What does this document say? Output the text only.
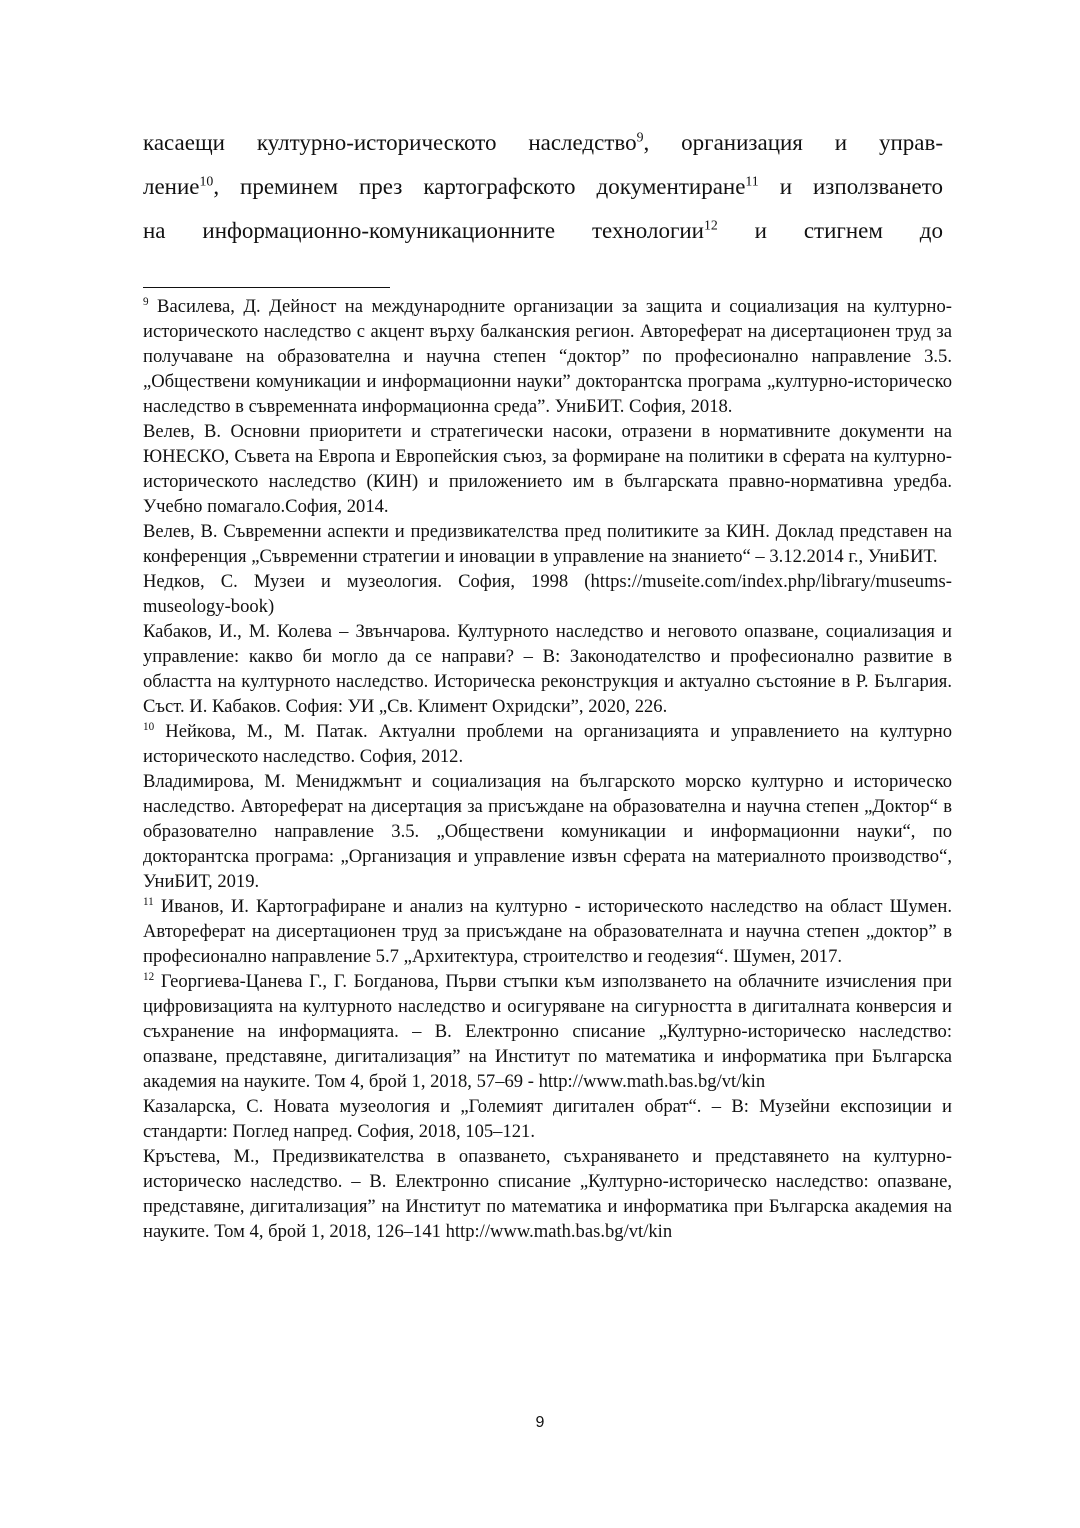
касаещи културно-историческото наследство$^9$, организация и управ-
ление$^{10}$, преминем през картографското документиране$^{11}$ и използването
на информационно-комуникационните технологии$^{12}$ и стигнем до

$^9$ Василева, Д. Дейност на международните организации за защита и социализация на културно-историческото наследство с акцент върху балканския регион. Автореферат на дисертационен труд за получаване на образователна и научна степен “доктор” по професионално направление 3.5. „Обществени комуникации и информационни науки” докторантска програма „културно-историческо наследство в съвременната информационна среда”. УниБИТ. София, 2018.

Велев, В. Основни приоритети и стратегически насоки, отразени в нормативните документи на ЮНЕСКО, Съвета на Европа и Европейския съюз, за формиране на политики в сферата на културно-историческото наследство (КИН) и приложението им в българската правно-нормативна уредба. Учебно помагало.София, 2014.

Велев, В. Съвременни аспекти и предизвикателства пред политиките за КИН. Доклад представен на конференция „Съвременни стратегии и иновации в управление на знанието“ – 3.12.2014 г., УниБИТ.

Недков, С. Музеи и музеология. София, 1998 (https://museite.com/index.php/library/museums-museology-book)

Кабаков, И., М. Колева – Звънчарова. Културното наследство и неговото опазване, социализация и управление: какво би могло да се направи? – В: Законодателство и професионално развитие в областта на културното наследство. Историческа реконструкция и актуално състояние в Р. България. Съст. И. Кабаков. София: УИ „Св. Климент Охридски”, 2020, 226.

$^{10}$ Нейкова, М., М. Патак. Актуални проблеми на организацията и управлението на културно историческото наследство. София, 2012.

Владимирова, М. Мениджмънт и социализация на българското морско културно и историческо наследство. Автореферат на дисертация за присъждане на образователна и научна степен „Доктор“ в образователно направление 3.5. „Обществени комуникации и информационни науки“, по докторантска програма: „Организация и управление извън сферата на материалното производство“, УниБИТ, 2019.

$^{11}$ Иванов, И. Картографиране и анализ на културно - историческото наследство на област Шумен. Автореферат на дисертационен труд за присъждане на образователната и научна степен „доктор” в професионално направление 5.7 „Архитектура, строителство и геодезия“. Шумен, 2017.

$^{12}$ Георгиева-Цанева Г., Г. Богданова, Първи стъпки към използването на облачните изчисления при цифровизацията на културното наследство и осигуряване на сигурността в дигиталната конверсия и съхранение на информацията. – В. Електронно списание „Културно-историческо наследство: опазване, представяне, дигитализация” на Институт по математика и информатика при Българска академия на науките. Том 4, брой 1, 2018, 57–69 - http://www.math.bas.bg/vt/kin

Казаларска, С. Новата музеология и „Големият дигитален обрат“. – В: Музейни експозиции и стандарти: Поглед напред. София, 2018, 105–121.

Кръстева, М., Предизвикателства в опазването, съхраняването и представянето на културно-историческо наследство. – В. Електронно списание „Културно-историческо наследство: опазване, представяне, дигитализация” на Институт по математика и информатика при Българска академия на науките. Том 4, брой 1, 2018, 126–141 http://www.math.bas.bg/vt/kin

9
